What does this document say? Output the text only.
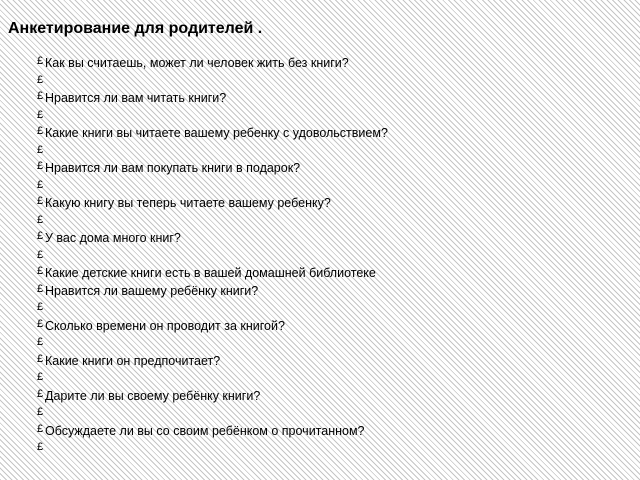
Анкетирование для родителей .
£ Как вы считаешь, может ли человек жить без книги?
£
£ Нравится ли вам читать книги?
£
£ Какие книги вы читаете вашему ребенку с удовольствием?
£
£ Нравится ли вам покупать книги в подарок?
£
£ Какую книгу вы теперь читаете вашему ребенку?
£
£ У вас дома много книг?
£
£ Какие детские книги есть в вашей домашней библиотеке
£ Нравится ли вашему ребёнку книги?
£
£ Сколько времени он проводит за книгой?
£
£ Какие книги он предпочитает?
£
£ Дарите ли вы своему ребёнку книги?
£
£ Обсуждаете ли вы со своим ребёнком о прочитанном?
£
